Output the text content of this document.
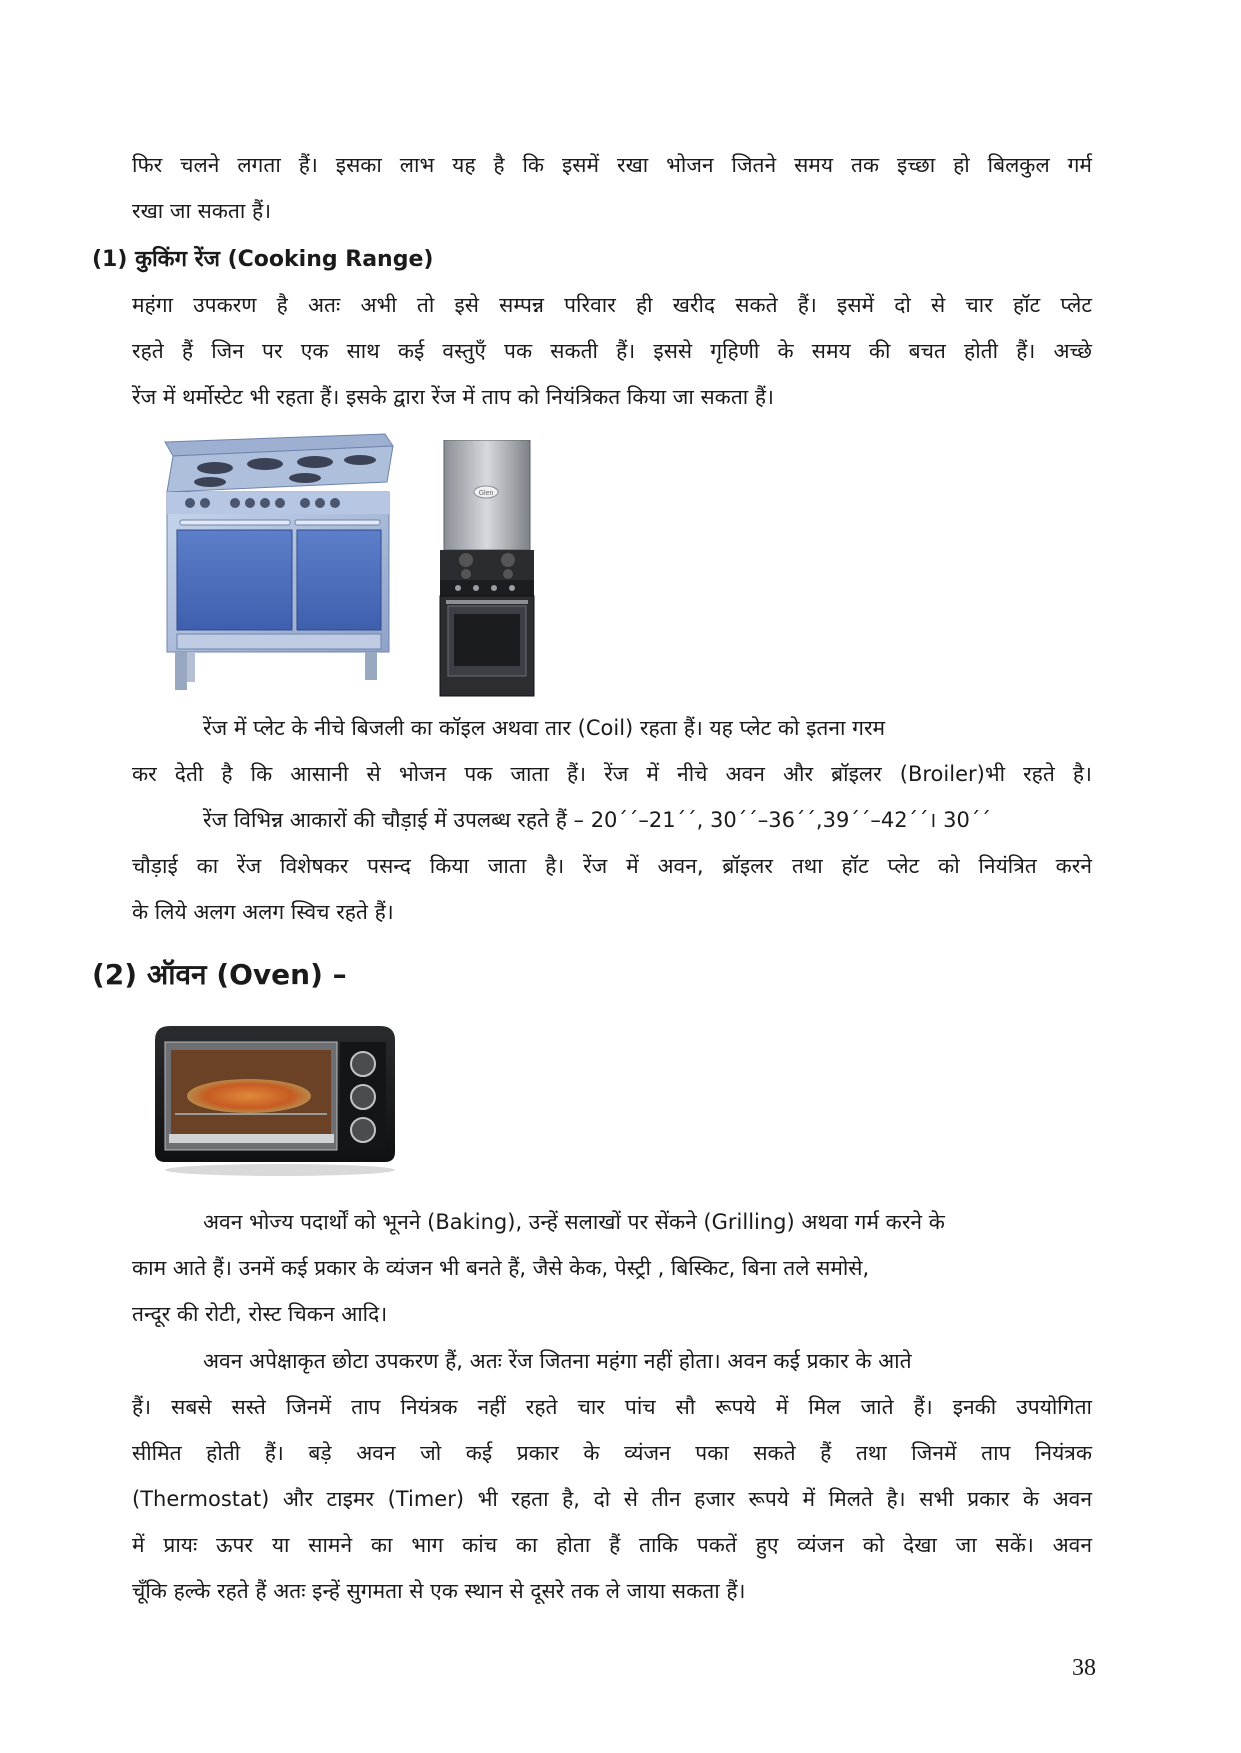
फिर चलने लगता हैं। इसका लाभ यह है कि इसमें रखा भोजन जितने समय तक इच्छा हो बिलकुल गर्म
रखा जा सकता हैं।
(1) कुकिंग रेंज (Cooking Range)
महंगा उपकरण है अतः अभी तो इसे सम्पन्न परिवार ही खरीद सकते हैं। इसमें दो से चार हॉट प्लेट
रहते हैं जिन पर एक साथ कई वस्तुएँ पक सकती हैं। इससे गृहिणी के समय की बचत होती हैं। अच्छे
रेंज में थर्मोस्टेट भी रहता हैं। इसके द्वारा रेंज में ताप को नियंत्रिकत किया जा सकता हैं।
Glen
रेंज में प्लेट के नीचे बिजली का कॉइल अथवा तार (Coil) रहता हैं। यह प्लेट को इतना गरम
कर देती है कि आसानी से भोजन पक जाता हैं। रेंज में नीचे अवन और ब्रॉइलर (Broiler)भी रहते है।
रेंज विभिन्न आकारों की चौड़ाई में उपलब्ध रहते हैं – 20´´–21´´, 30´´–36´´,39´´–42´´। 30´´
चौड़ाई का रेंज विशेषकर पसन्द किया जाता है। रेंज में अवन, ब्रॉइलर तथा हॉट प्लेट को नियंत्रित करने
के लिये अलग अलग स्विच रहते हैं।
(2) ऑवन (Oven) –
अवन भोज्य पदार्थों को भूनने (Baking), उन्हें सलाखों पर सेंकने (Grilling) अथवा गर्म करने के
काम आते हैं। उनमें कई प्रकार के व्यंजन भी बनते हैं, जैसे केक, पेस्ट्री , बिस्किट, बिना तले समोसे,
तन्दूर की रोटी, रोस्ट चिकन आदि।
अवन अपेक्षाकृत छोटा उपकरण हैं, अतः रेंज जितना महंगा नहीं होता। अवन कई प्रकार के आते
हैं। सबसे सस्ते जिनमें ताप नियंत्रक नहीं रहते चार पांच सौ रूपये में मिल जाते हैं। इनकी उपयोगिता
सीमित होती हैं। बड़े अवन जो कई प्रकार के व्यंजन पका सकते हैं तथा जिनमें ताप नियंत्रक
(Thermostat) और टाइमर (Timer) भी रहता है, दो से तीन हजार रूपये में मिलते है। सभी प्रकार के अवन
में प्रायः ऊपर या सामने का भाग कांच का होता हैं ताकि पकतें हुए व्यंजन को देखा जा सकें। अवन
चूँकि हल्के रहते हैं अतः इन्हें सुगमता से एक स्थान से दूसरे तक ले जाया सकता हैं।
38
